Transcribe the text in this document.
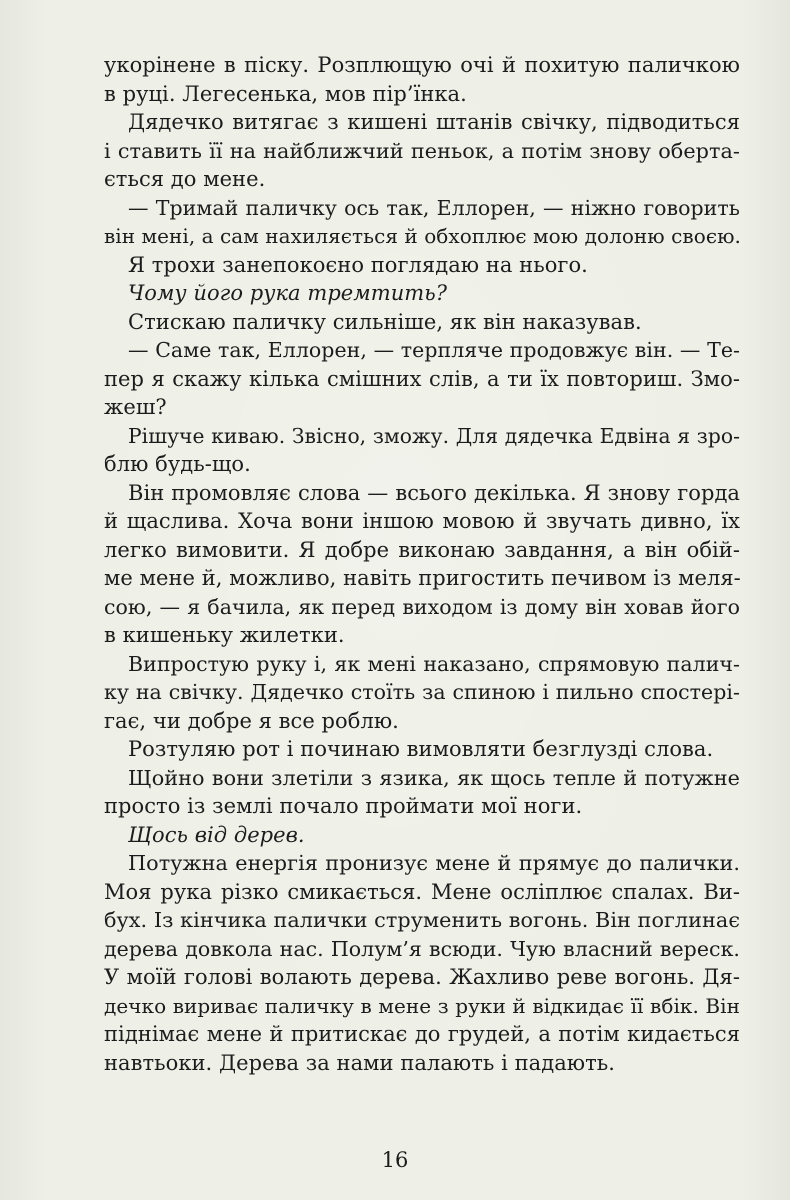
укорінене в піску. Розплющую очі й похитую паличкою
в руці. Легесенька, мов пір’їнка.
Дядечко витягає з кишені штанів свічку, підводиться
і ставить її на найближчий пеньок, а потім знову оберта-
ється до мене.
— Тримай паличку ось так, Еллорен, — ніжно говорить
він мені, а сам нахиляється й обхоплює мою долоню своєю.
Я трохи занепокоєно поглядаю на нього.
Чому його рука тремтить?
Стискаю паличку сильніше, як він наказував.
— Саме так, Еллорен, — терпляче продовжує він. — Те-
пер я скажу кілька смішних слів, а ти їх повториш. Змо-
жеш?
Рішуче киваю. Звісно, зможу. Для дядечка Едвіна я зро-
блю будь-що.
Він промовляє слова — всього декілька. Я знову горда
й щаслива. Хоча вони іншою мовою й звучать дивно, їх
легко вимовити. Я добре виконаю завдання, а він обій-
ме мене й, можливо, навіть пригостить печивом із меля-
сою, — я бачила, як перед виходом із дому він ховав його
в кишеньку жилетки.
Випростую руку і, як мені наказано, спрямовую палич-
ку на свічку. Дядечко стоїть за спиною і пильно спостері-
гає, чи добре я все роблю.
Розтуляю рот і починаю вимовляти безглузді слова.
Щойно вони злетіли з язика, як щось тепле й потужне
просто із землі почало проймати мої ноги.
Щось від дерев.
Потужна енергія пронизує мене й прямує до палички.
Моя рука різко смикається. Мене осліплює спалах. Ви-
бух. Із кінчика палички струменить вогонь. Він поглинає
дерева довкола нас. Полум’я всюди. Чую власний вереск.
У моїй голові волають дерева. Жахливо реве вогонь. Дя-
дечко вириває паличку в мене з руки й відкидає її вбік. Він
піднімає мене й притискає до грудей, а потім кидається
навтьоки. Дерева за нами палають і падають.
16
